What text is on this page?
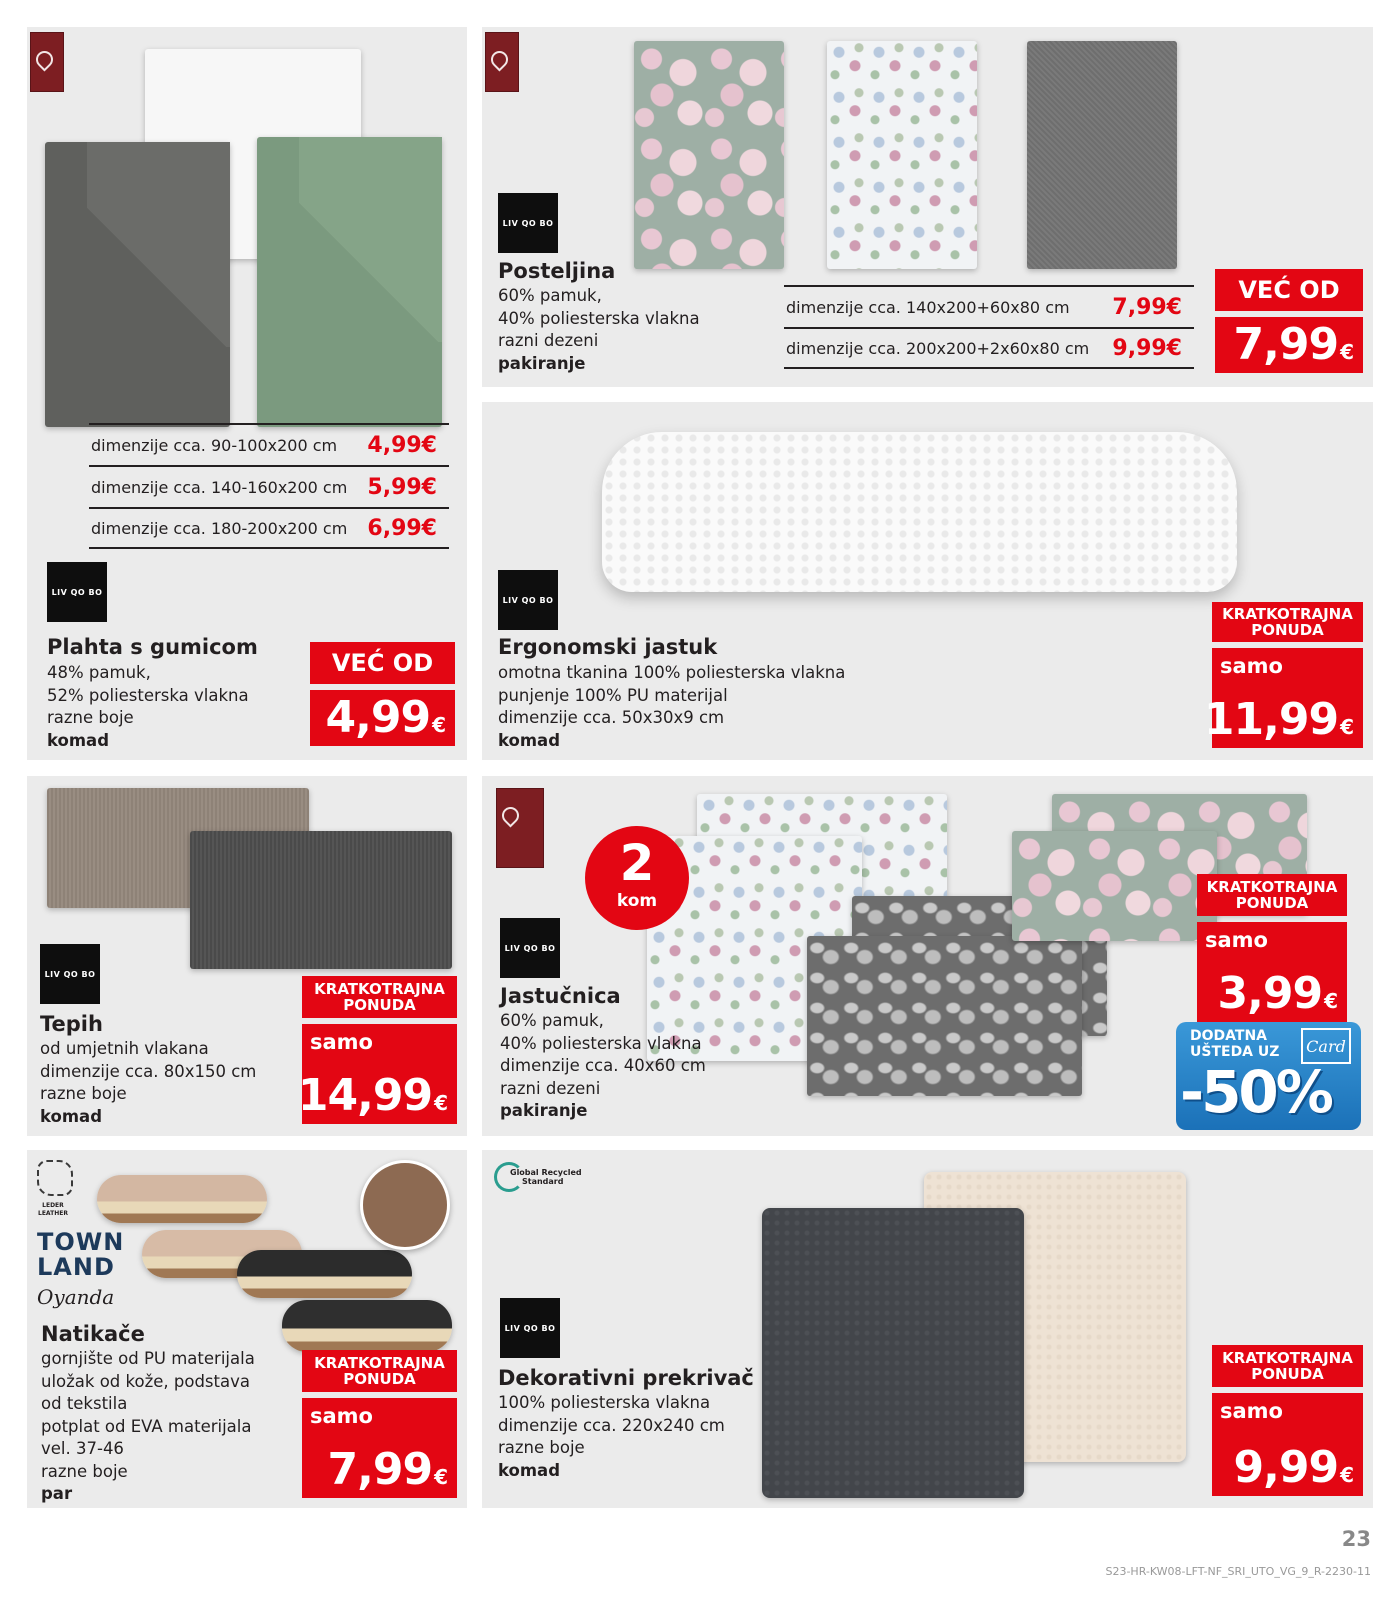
dimenzije cca. 90-100x200 cm 4,99€
dimenzije cca. 140-160x200 cm 5,99€
dimenzije cca. 180-200x200 cm 6,99€
LIV QO BO
Plahta s gumicom
48% pamuk,
52% poliesterska vlakna
razne boje
komad
VEĆ OD
4,99 €
LIV QO BO
Posteljina
60% pamuk,
40% poliesterska vlakna
razni dezeni
pakiranje
dimenzije cca. 140x200+60x80 cm 7,99€
dimenzije cca. 200x200+2x60x80 cm 9,99€
VEĆ OD
7,99 €
LIV QO BO
Ergonomski jastuk
omotna tkanina 100% poliesterska vlakna
punjenje 100% PU materijal
dimenzije cca. 50x30x9 cm
komad
KRATKOTRAJNA PONUDA
samo
11,99 €
LIV QO BO
Tepih
od umjetnih vlakana
dimenzije cca. 80x150 cm
razne boje
komad
KRATKOTRAJNA PONUDA
samo
14,99 €
2
kom
LIV QO BO
Jastučnica
60% pamuk,
40% poliesterska vlakna
dimenzije cca. 40x60 cm
razni dezeni
pakiranje
KRATKOTRAJNA PONUDA
samo
3,99 €
DODATNA
UŠTEDA UZ Card
-50%
LEDER
LEATHER
TOWN
LAND
Oyanda
Natikače
gornjište od PU materijala
uložak od kože, podstava
od tekstila
potplat od EVA materijala
vel. 37-46
razne boje
par
KRATKOTRAJNA PONUDA
samo
7,99 €
Global Recycled
Standard
LIV QO BO
Dekorativni prekrivač
100% poliesterska vlakna
dimenzije cca. 220x240 cm
razne boje
komad
KRATKOTRAJNA PONUDA
samo
9,99 €
23
S23-HR-KW08-LFT-NF_SRI_UTO_VG_9_R-2230-11
